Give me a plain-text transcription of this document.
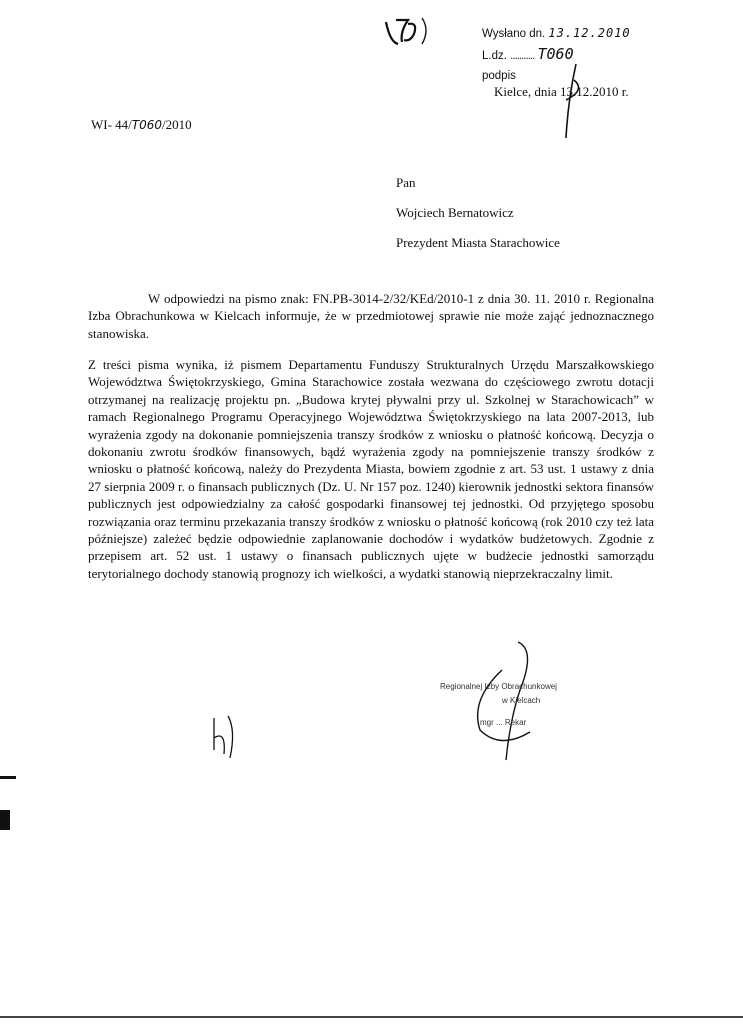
Wysłano dn. 13.12.2010
L.dz. ........... T060
podpis
Kielce, dnia 13.12.2010 r.
WI- 44/T060/2010
Pan
Wojciech Bernatowicz
Prezydent Miasta Starachowice
W odpowiedzi na pismo znak: FN.PB-3014-2/32/KEd/2010-1 z dnia 30. 11. 2010 r. Regionalna Izba Obrachunkowa w Kielcach informuje, że w przedmiotowej sprawie nie może zająć jednoznacznego stanowiska.
Z treści pisma wynika, iż pismem Departamentu Funduszy Strukturalnych Urzędu Marszałkowskiego Województwa Świętokrzyskiego, Gmina Starachowice została wezwana do częściowego zwrotu dotacji otrzymanej na realizację projektu pn. „Budowa krytej pływalni przy ul. Szkolnej w Starachowicach” w ramach Regionalnego Programu Operacyjnego Województwa Świętokrzyskiego na lata 2007-2013, lub wyrażenia zgody na dokonanie pomniejszenia transzy środków z wniosku o płatność końcową. Decyzja o dokonaniu zwrotu środków finansowych, bądź wyrażenia zgody na pomniejszenie transzy środków z wniosku o płatność końcową, należy do Prezydenta Miasta, bowiem zgodnie z art. 53 ust. 1 ustawy z dnia 27 sierpnia 2009 r. o finansach publicznych (Dz. U. Nr 157 poz. 1240) kierownik jednostki sektora finansów publicznych jest odpowiedzialny za całość gospodarki finansowej tej jednostki. Od przyjętego sposobu rozwiązania oraz terminu przekazania transzy środków z wniosku o płatność końcową (rok 2010 czy też lata późniejsze) zależeć będzie odpowiednie zaplanowanie dochodów i wydatków budżetowych. Zgodnie z przepisem art. 52 ust. 1 ustawy o finansach publicznych ujęte w budżecie jednostki samorządu terytorialnego dochody stanowią prognozy ich wielkości, a wydatki stanowią nieprzekraczalny limit.
Regionalnej Izby Obrachunkowej
w Kielcach
mgr ... Rekar
